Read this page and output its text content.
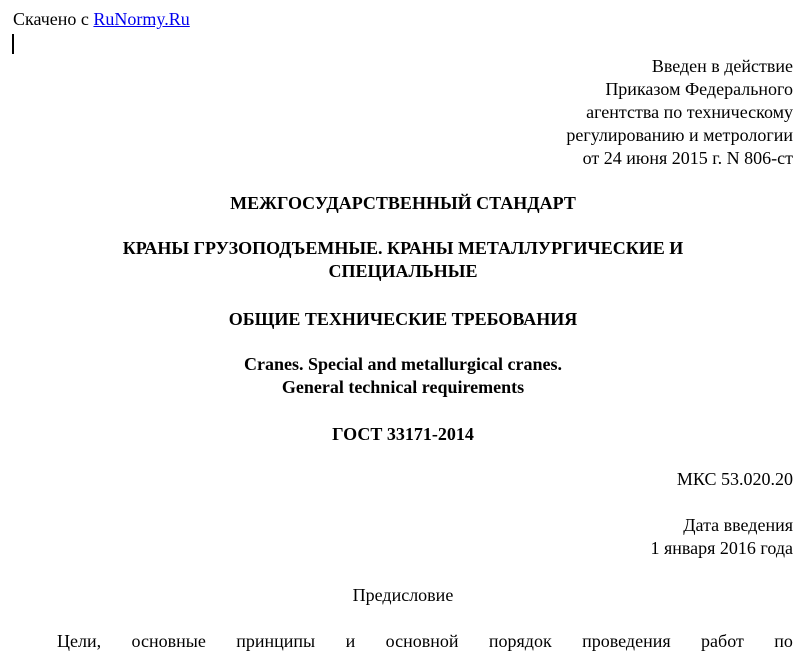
Скачено с RuNormy.Ru
Введен в действие
Приказом Федерального
агентства по техническому
регулированию и метрологии
от 24 июня 2015 г. N 806-ст
МЕЖГОСУДАРСТВЕННЫЙ СТАНДАРТ
КРАНЫ ГРУЗОПОДЪЕМНЫЕ. КРАНЫ МЕТАЛЛУРГИЧЕСКИЕ И
СПЕЦИАЛЬНЫЕ
ОБЩИЕ ТЕХНИЧЕСКИЕ ТРЕБОВАНИЯ
Cranes. Special and metallurgical cranes.
General technical requirements
ГОСТ 33171-2014
МКС 53.020.20
Дата введения
1 января 2016 года
Предисловие
Цели, основные принципы и основной порядок проведения работ по
